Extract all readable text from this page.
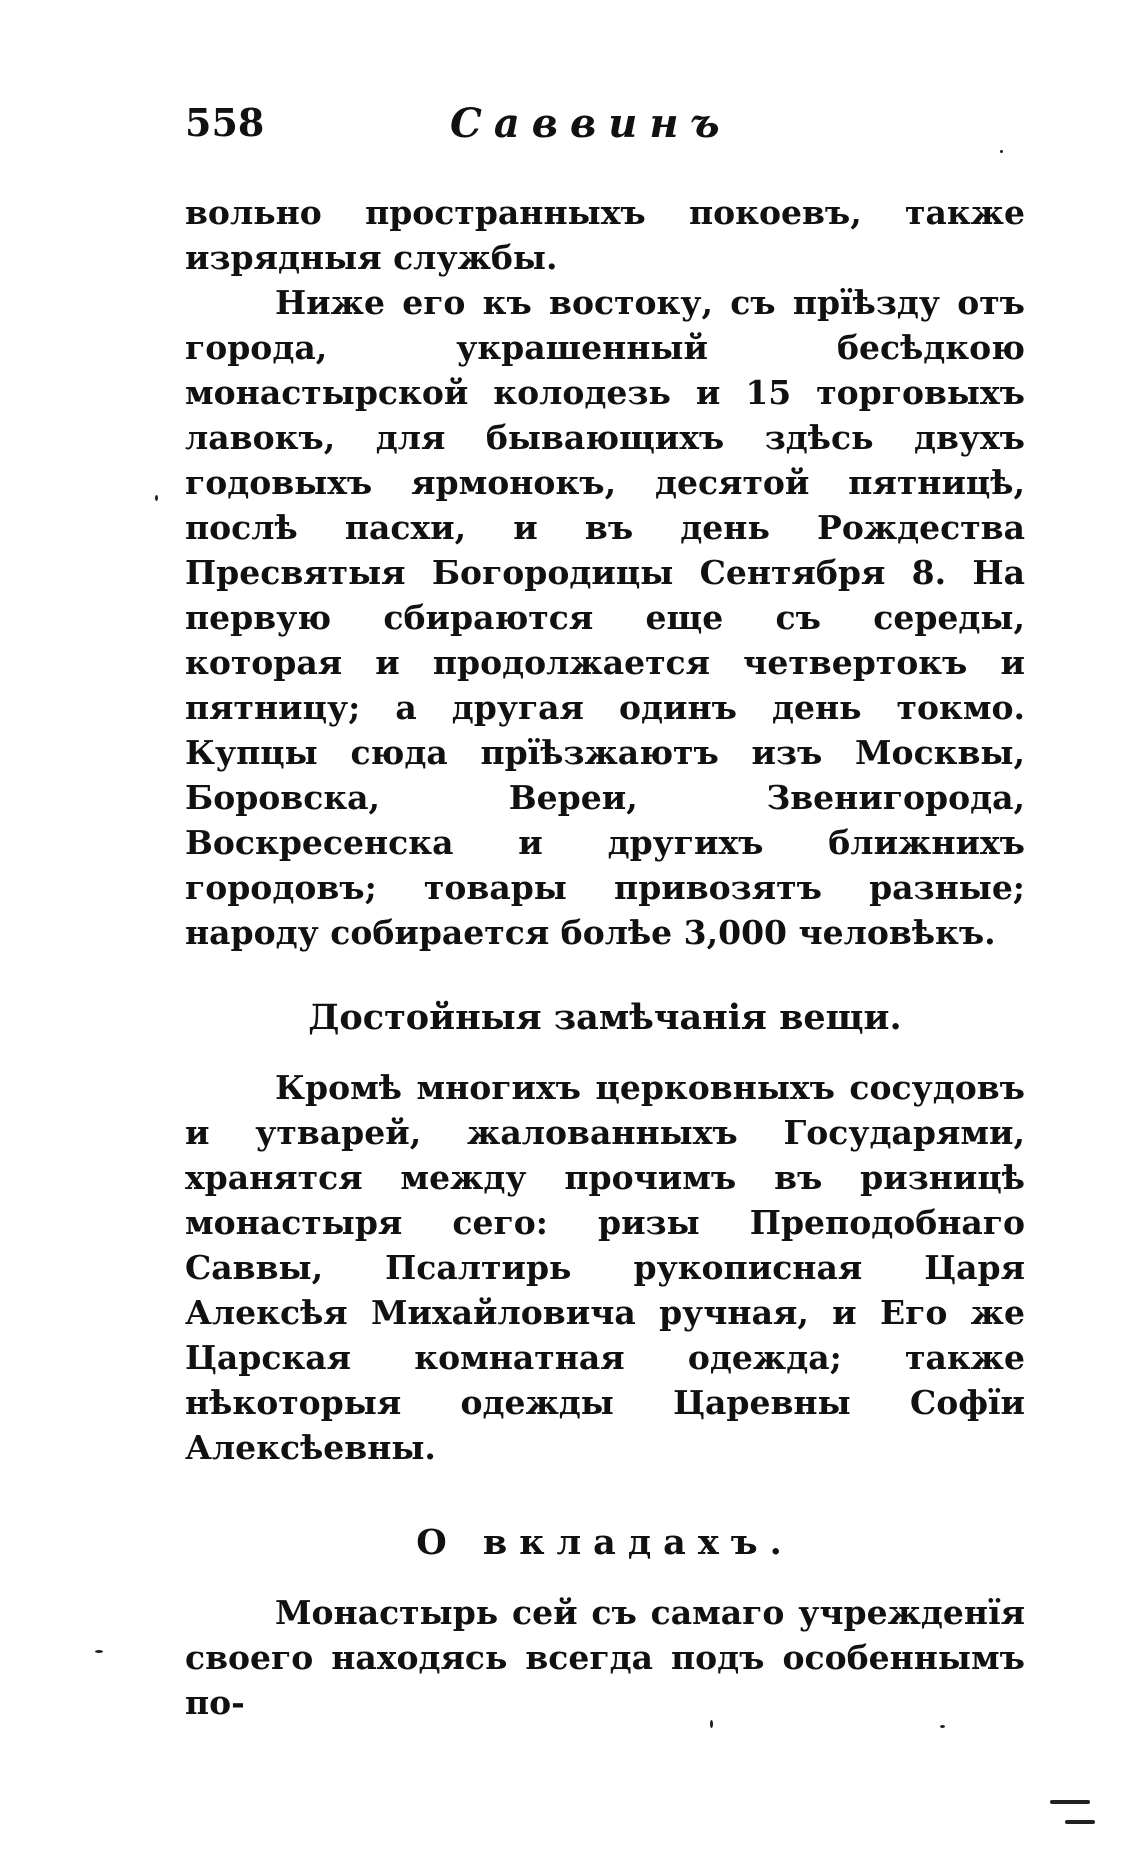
558	Саввинъ

вольно пространныхъ покоевъ, также изрядныя службы.

Ниже его къ востоку, съ прїѣзду отъ города, украшенный бесѣдкою монастырской колодезь и 15 торговыхъ лавокъ, для бывающихъ здѣсь двухъ годовыхъ ярмонокъ, десятой пятницѣ, послѣ пасхи, и въ день Рождества Пресвятыя Богородицы Сентября 8. На первую сбираются еще съ середы, которая и продолжается четвертокъ и пятницу; а другая одинъ день токмо. Купцы сюда прїѣзжаютъ изъ Москвы, Боровска, Вереи, Звенигорода, Воскресенска и другихъ ближнихъ городовъ; товары привозятъ разные; народу собирается болѣе 3,000 человѣкъ.

Достойныя замѣчанія вещи.

Кромѣ многихъ церковныхъ сосудовъ и утварей, жалованныхъ Государями, хранятся между прочимъ въ ризницѣ монастыря сего: ризы Преподобнаго Саввы, Псалтирь рукописная Царя Алексѣя Михайловича ручная, и Его же Царская комнатная одежда; также нѣкоторыя одежды Царевны Софїи Алексѣевны.

О вкладахъ.

Монастырь сей съ самаго учрежденїя своего находясь всегда подъ особеннымъ по-
